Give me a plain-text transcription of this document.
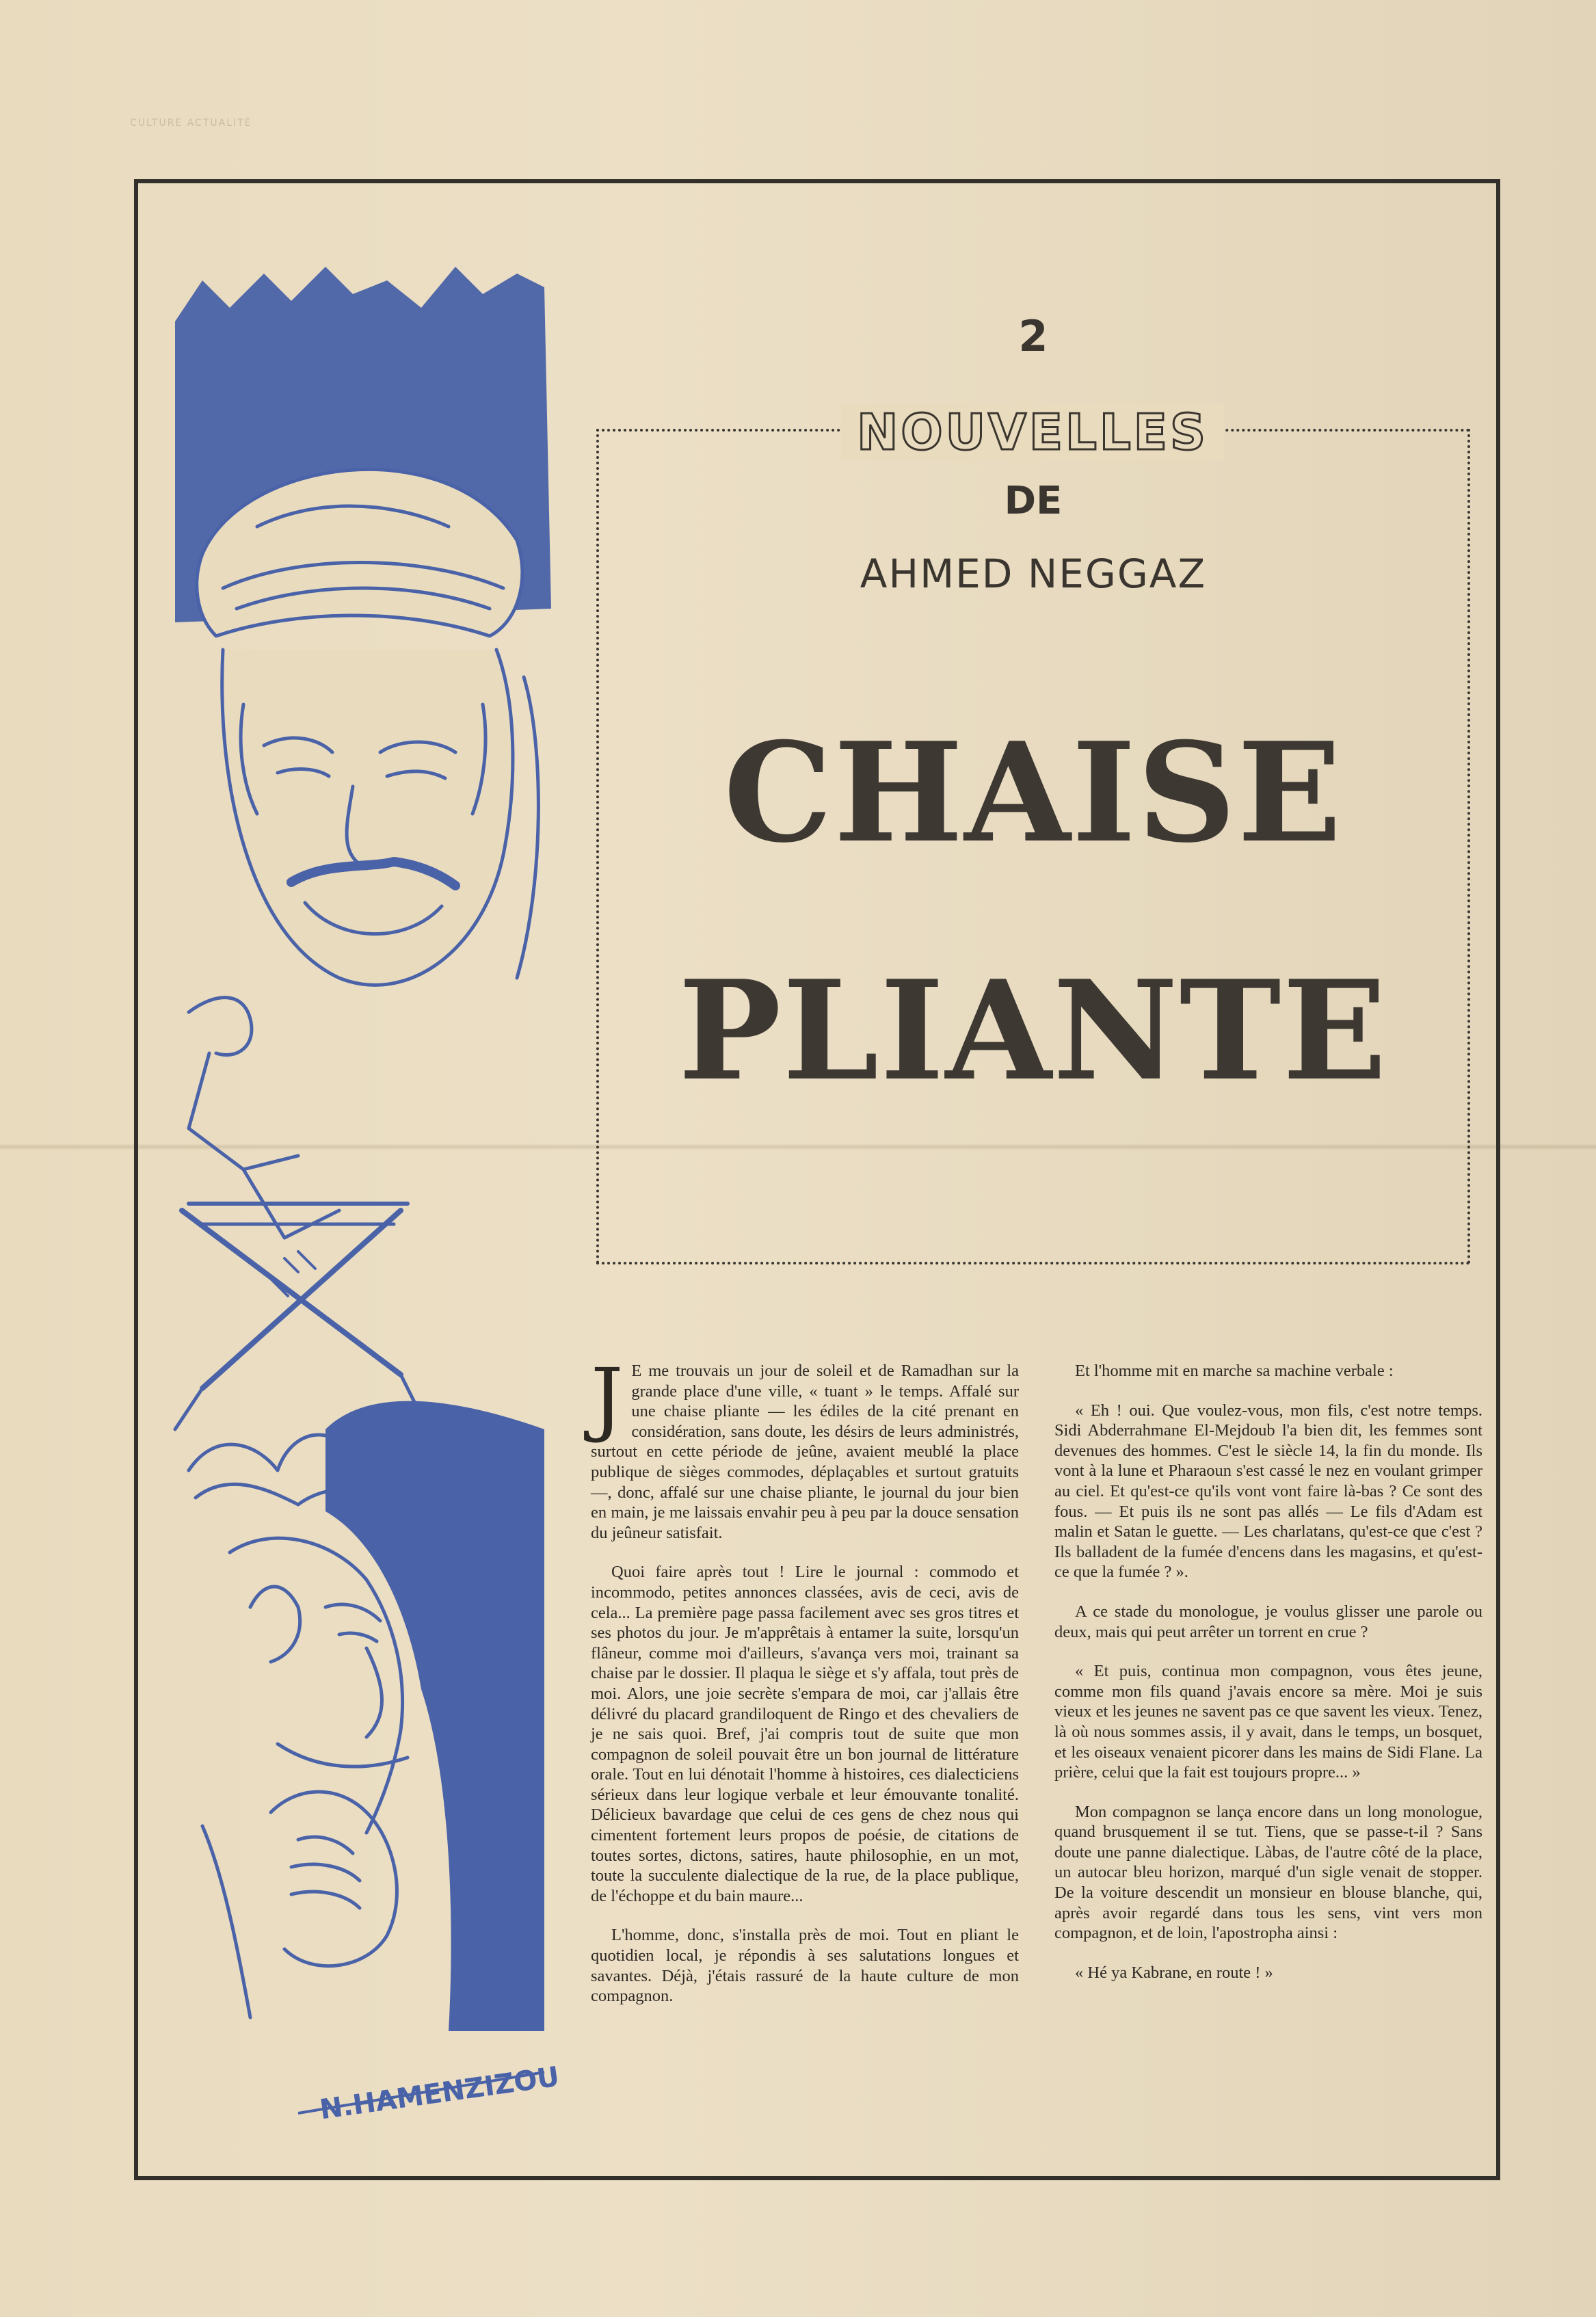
CULTURE ACTUALITÉ
N.HAMENZIZOU
2
NOUVELLES
DE
AHMED NEGGAZ
CHAISE
PLIANTE

J E me trouvais un jour de soleil et de Ramadhan sur la grande place d'une ville, « tuant » le temps. Affalé sur une chaise pliante — les édiles de la cité prenant en considération, sans doute, les désirs de leurs administrés, surtout en cette période de jeûne, avaient meublé la place publique de sièges commodes, déplaçables et surtout gratuits —, donc, affalé sur une chaise pliante, le journal du jour bien en main, je me laissais envahir peu à peu par la douce sensation du jeûneur satisfait.

Quoi faire après tout ! Lire le journal : commodo et incommodo, petites annonces classées, avis de ceci, avis de cela... La première page passa facilement avec ses gros titres et ses photos du jour. Je m'apprêtais à entamer la suite, lorsqu'un flâneur, comme moi d'ailleurs, s'avança vers moi, trainant sa chaise par le dossier. Il plaqua le siège et s'y affala, tout près de moi. Alors, une joie secrète s'empara de moi, car j'allais être délivré du placard grandiloquent de Ringo et des chevaliers de je ne sais quoi. Bref, j'ai compris tout de suite que mon compagnon de soleil pouvait être un bon journal de littérature orale. Tout en lui dénotait l'homme à histoires, ces dialecticiens sérieux dans leur logique verbale et leur émouvante tonalité. Délicieux bavardage que celui de ces gens de chez nous qui cimentent fortement leurs propos de poésie, de citations de toutes sortes, dictons, satires, haute philosophie, en un mot, toute la succulente dialectique de la rue, de la place publique, de l'échoppe et du bain maure...

L'homme, donc, s'installa près de moi. Tout en pliant le quotidien local, je répondis à ses salutations longues et savantes. Déjà, j'étais rassuré de la haute culture de mon compagnon.

Et l'homme mit en marche sa machine verbale :

« Eh ! oui. Que voulez-vous, mon fils, c'est notre temps. Sidi Abderrahmane El-Mejdoub l'a bien dit, les femmes sont devenues des hommes. C'est le siècle 14, la fin du monde. Ils vont à la lune et Pharaoun s'est cassé le nez en voulant grimper au ciel. Et qu'est-ce qu'ils vont vont faire là-bas ? Ce sont des fous. — Et puis ils ne sont pas allés — Le fils d'Adam est malin et Satan le guette. — Les charlatans, qu'est-ce que c'est ? Ils balladent de la fumée d'encens dans les magasins, et qu'est-ce que la fumée ? ».

A ce stade du monologue, je voulus glisser une parole ou deux, mais qui peut arrêter un torrent en crue ?

« Et puis, continua mon compagnon, vous êtes jeune, comme mon fils quand j'avais encore sa mère. Moi je suis vieux et les jeunes ne savent pas ce que savent les vieux. Tenez, là où nous sommes assis, il y avait, dans le temps, un bosquet, et les oiseaux venaient picorer dans les mains de Sidi Flane. La prière, celui que la fait est toujours propre... »

Mon compagnon se lança encore dans un long monologue, quand brusquement il se tut. Tiens, que se passe-t-il ? Sans doute une panne dialectique. Làbas, de l'autre côté de la place, un autocar bleu horizon, marqué d'un sigle venait de stopper. De la voiture descendit un monsieur en blouse blanche, qui, après avoir regardé dans tous les sens, vint vers mon compagnon, et de loin, l'apostropha ainsi :

« Hé ya Kabrane, en route ! »
